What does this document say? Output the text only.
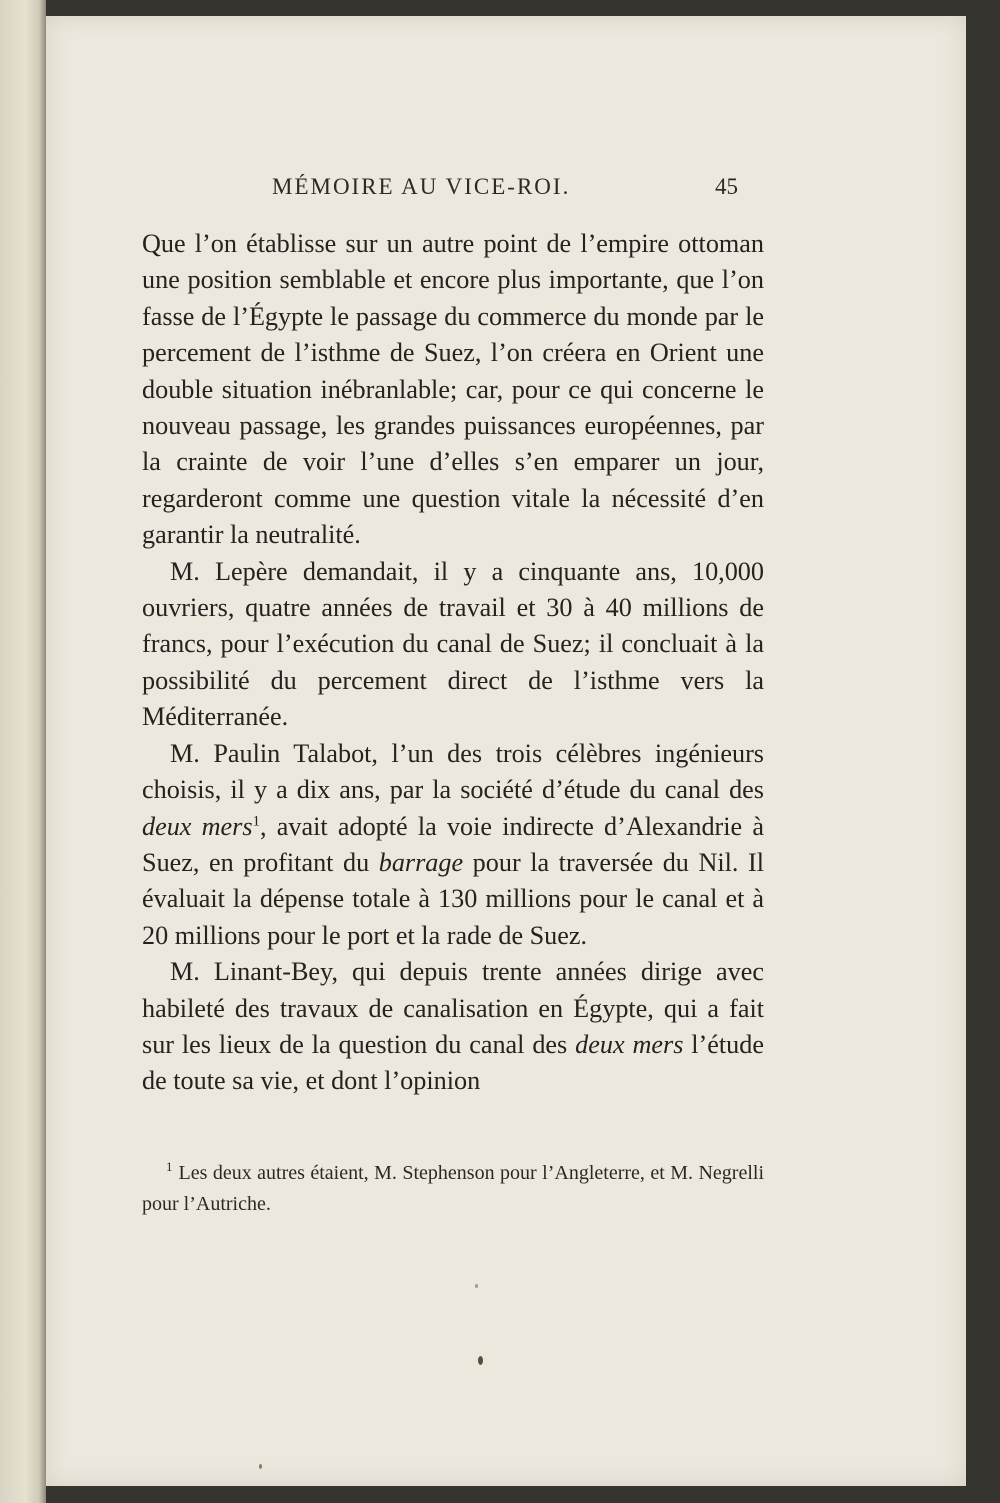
MÉMOIRE AU VICE-ROI.	45

Que l’on établisse sur un autre point de l’empire ottoman une position semblable et encore plus importante, que l’on fasse de l’Égypte le passage du commerce du monde par le percement de l’isthme de Suez, l’on créera en Orient une double situation inébranlable; car, pour ce qui concerne le nouveau passage, les grandes puissances européennes, par la crainte de voir l’une d’elles s’en emparer un jour, regarderont comme une question vitale la nécessité d’en garantir la neutralité.

M. Lepère demandait, il y a cinquante ans, 10,000 ouvriers, quatre années de travail et 30 à 40 millions de francs, pour l’exécution du canal de Suez; il concluait à la possibilité du percement direct de l’isthme vers la Méditerranée.

M. Paulin Talabot, l’un des trois célèbres ingénieurs choisis, il y a dix ans, par la société d’étude du canal des deux mers$^1$, avait adopté la voie indirecte d’Alexandrie à Suez, en profitant du barrage pour la traversée du Nil. Il évaluait la dépense totale à 130 millions pour le canal et à 20 millions pour le port et la rade de Suez.

M. Linant-Bey, qui depuis trente années dirige avec habileté des travaux de canalisation en Égypte, qui a fait sur les lieux de la question du canal des deux mers l’étude de toute sa vie, et dont l’opinion

$^1$ Les deux autres étaient, M. Stephenson pour l’Angleterre, et M. Negrelli pour l’Autriche.
